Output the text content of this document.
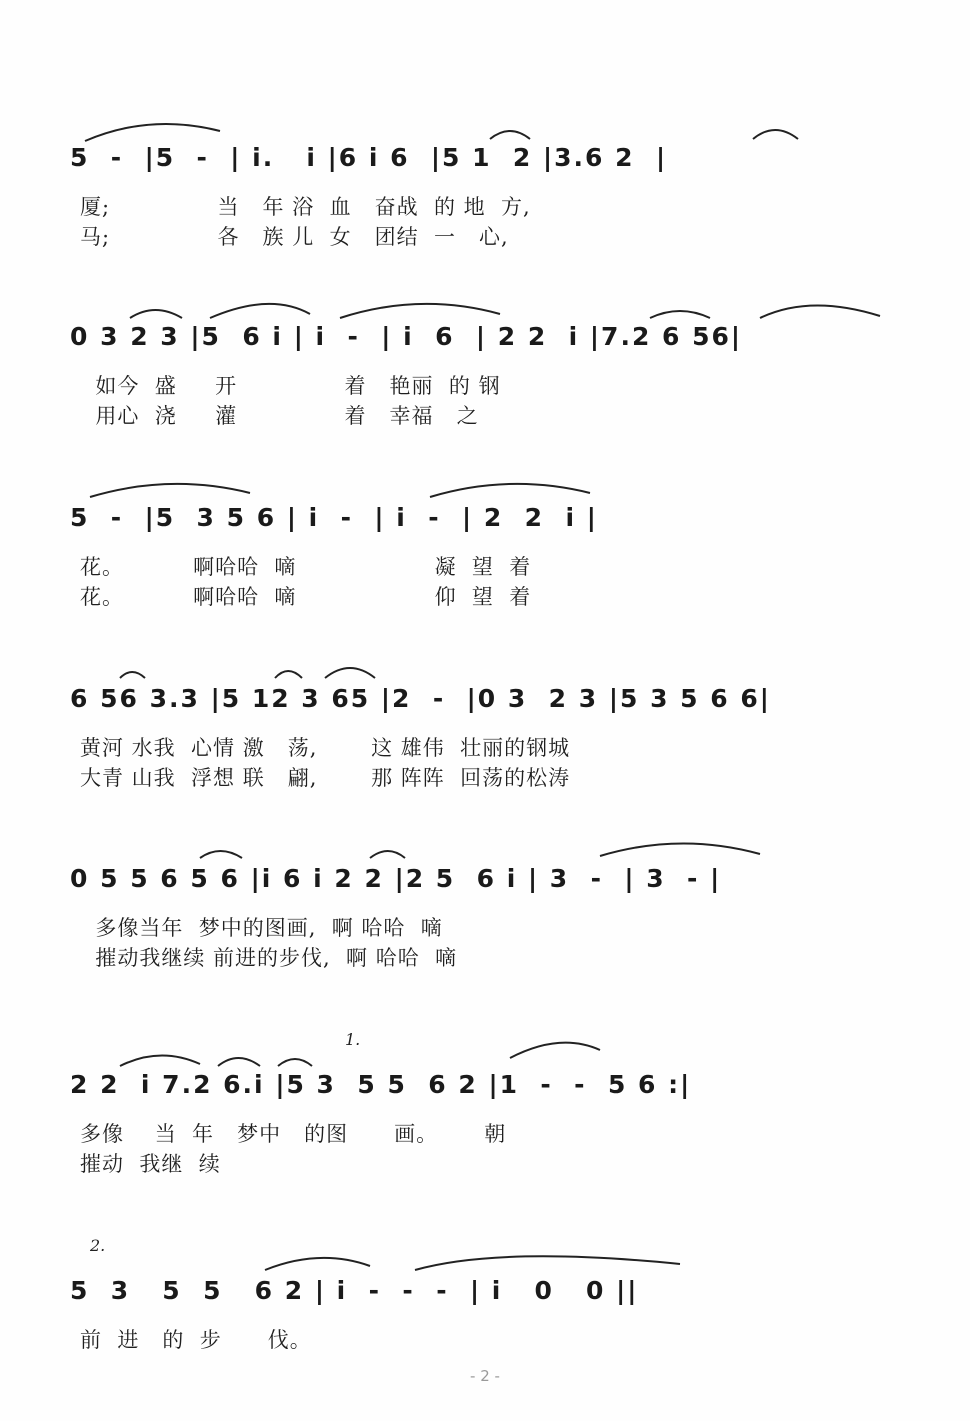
5  -  |5  -  | i.   i |6 i 6  |5 1  2 |3.6 2  |
厦;              当   年 浴  血   奋战  的 地  方,
马;              各   族 儿  女   团结  一   心,
0 3 2 3 |5  6 i | i  -  | i  6  | 2 2  i |7.2 6 56|
如今  盛     开              着   艳丽  的 钢
用心  浇     灌              着   幸福   之
5  -  |5  3 5 6 | i  -  | i  -  | 2  2  i |
花。         啊哈哈  嘀                  凝  望  着
花。         啊哈哈  嘀                  仰  望  着
6 56 3.3 |5 12 3 65 |2  -  |0 3  2 3 |5 3 5 6 6|
黄河 水我  心情 激   荡,       这 雄伟  壮丽的钢城
大青 山我  浮想 联   翩,       那 阵阵  回荡的松涛
0 5 5 6 5 6 |i 6 i 2 2 |2 5  6 i | 3  -  | 3  - |
多像当年  梦中的图画,  啊 哈哈  嘀
摧动我继续 前进的步伐,  啊 哈哈  嘀
1.
2 2  i 7.2 6.i |5 3  5 5  6 2 |1  -  -  5 6 :|
多像    当  年   梦中   的图      画。      朝
摧动  我继  续
2.
5  3   5  5   6 2 | i  -  -  -  | i   0   0 ||
前  进   的  步      伐。
- 2 -
